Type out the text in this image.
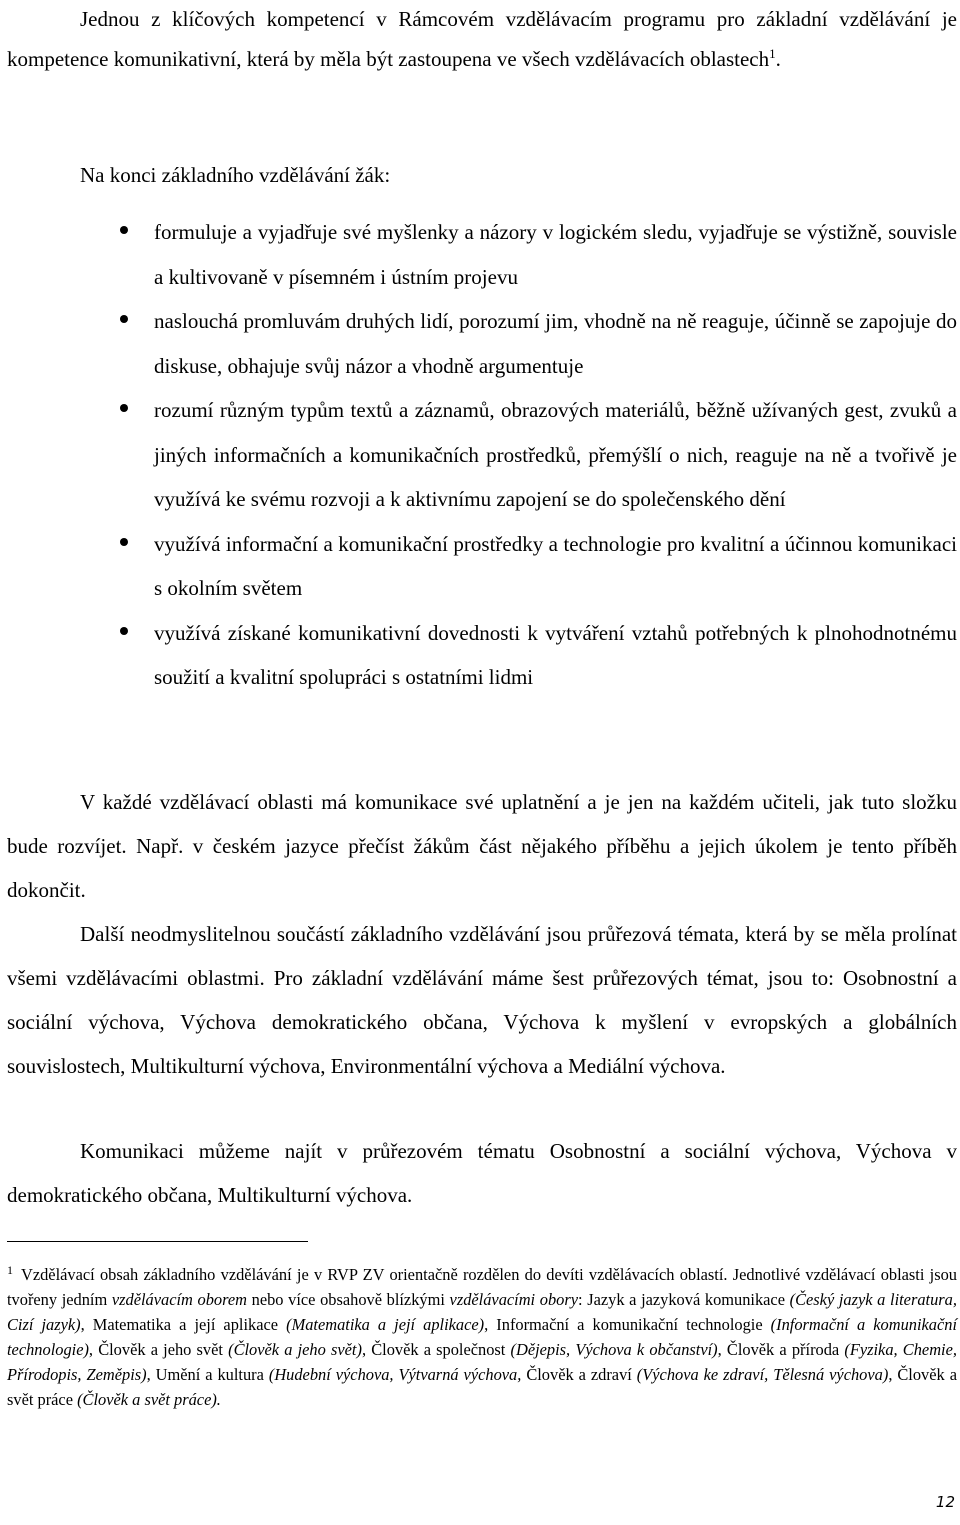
Jednou z klíčových kompetencí v Rámcovém vzdělávacím programu pro základní vzdělávání je kompetence komunikativní, která by měla být zastoupena ve všech vzdělávacích oblastech$^1$.

Na konci základního vzdělávání žák:

formuluje a vyjadřuje své myšlenky a názory v logickém sledu, vyjadřuje se výstižně, souvisle a kultivovaně v písemném i ústním projevu
naslouchá promluvám druhých lidí, porozumí jim, vhodně na ně reaguje, účinně se zapojuje do diskuse, obhajuje svůj názor a vhodně argumentuje
rozumí různým typům textů a záznamů, obrazových materiálů, běžně užívaných gest, zvuků a jiných informačních a komunikačních prostředků, přemýšlí o nich, reaguje na ně a tvořivě je využívá ke svému rozvoji a k aktivnímu zapojení se do společenského dění
využívá informační a komunikační prostředky a technologie pro kvalitní a účinnou komunikaci s okolním světem
využívá získané komunikativní dovednosti k vytváření vztahů potřebných k plnohodnotnému soužití a kvalitní spolupráci s ostatními lidmi

V každé vzdělávací oblasti má komunikace své uplatnění a je jen na každém učiteli, jak tuto složku bude rozvíjet. Např. v českém jazyce přečíst žákům část nějakého příběhu a jejich úkolem je tento příběh dokončit.

Další neodmyslitelnou součástí základního vzdělávání jsou průřezová témata, která by se měla prolínat všemi vzdělávacími oblastmi. Pro základní vzdělávání máme šest průřezových témat, jsou to: Osobnostní a sociální výchova, Výchova demokratického občana, Výchova k myšlení v evropských a globálních souvislostech, Multikulturní výchova, Environmentální výchova a Mediální výchova.

Komunikaci můžeme najít v průřezovém tématu Osobnostní a sociální výchova, Výchova v demokratického občana, Multikulturní výchova.

$^1$ Vzdělávací obsah základního vzdělávání je v RVP ZV orientačně rozdělen do devíti vzdělávacích oblastí. Jednotlivé vzdělávací oblasti jsou tvořeny jedním vzdělávacím oborem nebo více obsahově blízkými vzdělávacími obory: Jazyk a jazyková komunikace (Český jazyk a literatura, Cizí jazyk), Matematika a její aplikace (Matematika a její aplikace), Informační a komunikační technologie (Informační a komunikační technologie), Člověk a jeho svět (Člověk a jeho svět), Člověk a společnost (Dějepis, Výchova k občanství), Člověk a příroda (Fyzika, Chemie, Přírodopis, Zeměpis), Umění a kultura (Hudební výchova, Výtvarná výchova, Člověk a zdraví (Výchova ke zdraví, Tělesná výchova), Člověk a svět práce (Člověk a svět práce).

12
